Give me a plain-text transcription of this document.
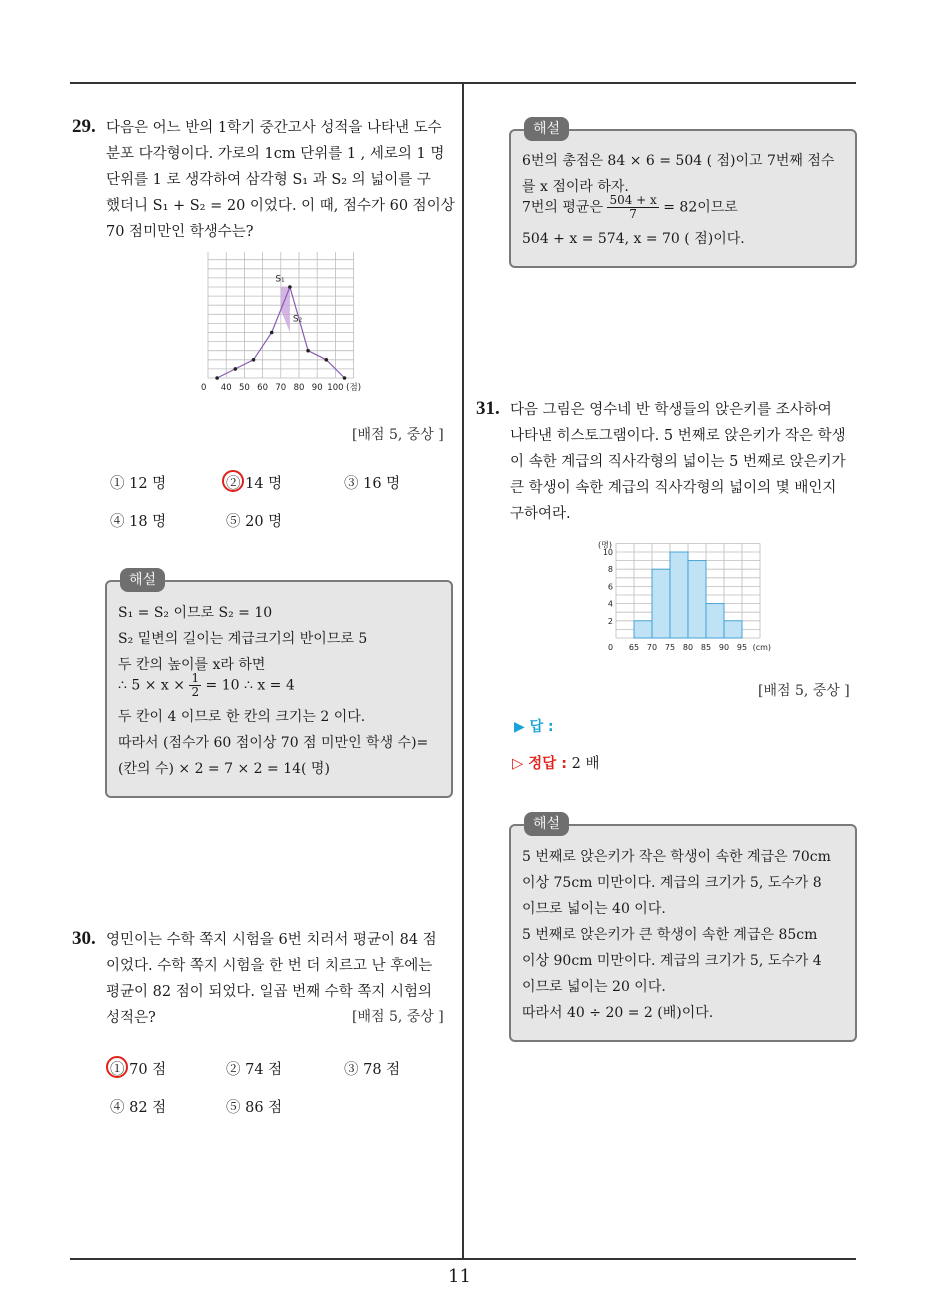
11
29. 다음은 어느 반의 1학기 중간고사 성적을 나타낸 도수
분포 다각형이다. 가로의 1cm 단위를 1 , 세로의 1 명
단위를 1 로 생각하여 삼각형 S₁ 과 S₂ 의 넓이를 구
했더니 S₁ + S₂ = 20 이었다. 이 때, 점수가 60 점이상
70 점미만인 학생수는?
S₁
S₂
0 40 50 60 70 80 90 100 (점)
[배점 5, 중상 ]
① 12 명	② 14 명	③ 16 명
④ 18 명	⑤ 20 명
해설
S₁ = S₂ 이므로 S₂ = 10
S₂ 밑변의 길이는 계급크기의 반이므로 5
두 칸의 높이를 x라 하면
∴ $5 \times x \times \frac{1}{2} = 10$ ∴ x = 4
두 칸이 4 이므로 한 칸의 크기는 2 이다.
따라서 (점수가 60 점이상 70 점 미만인 학생 수)=
(칸의 수) × 2 = 7 × 2 = 14( 명)
30. 영민이는 수학 쪽지 시험을 6번 치러서 평균이 84 점
이었다. 수학 쪽지 시험을 한 번 더 치르고 난 후에는
평균이 82 점이 되었다. 일곱 번째 수학 쪽지 시험의
성적은?	[배점 5, 중상 ]
① 70 점	② 74 점	③ 78 점
④ 82 점	⑤ 86 점
해설
6번의 총점은 84 × 6 = 504 ( 점)이고 7번째 점수
를 x 점이라 하자.
7번의 평균은 $\frac{504 + x}{7} = 82$이므로
504 + x = 574, x = 70 ( 점)이다.
31. 다음 그림은 영수네 반 학생들의 앉은키를 조사하여
나타낸 히스토그램이다. 5 번째로 앉은키가 작은 학생
이 속한 계급의 직사각형의 넓이는 5 번째로 앉은키가
큰 학생이 속한 계급의 직사각형의 넓이의 몇 배인지
구하여라.
2
4
6
8
10
(명)
0 65 70 75 80 85 90 95 (cm)
[배점 5, 중상 ]
▶ 답 :
▷ 정답 : 2 배
해설
5 번째로 앉은키가 작은 학생이 속한 계급은 70cm
이상 75cm 미만이다. 계급의 크기가 5, 도수가 8
이므로 넓이는 40 이다.
5 번째로 앉은키가 큰 학생이 속한 계급은 85cm
이상 90cm 미만이다. 계급의 크기가 5, 도수가 4
이므로 넓이는 20 이다.
따라서 40 ÷ 20 = 2 (배)이다.
